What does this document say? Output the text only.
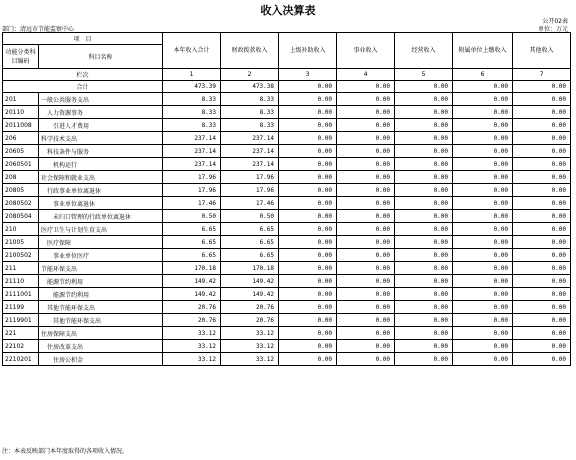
收入决算表
公开02表
部门：清远市节能监察中心	单位：万元
项　目		本年收入合计	财政拨款收入	上级补助收入	事业收入	经营收入	附属单位上缴收入	其他收入
功能分类科目编码	科目名称							
栏次		1	2	3	4	5	6	7
合计		473.39	473.38	0.00	0.00	0.00	0.00	0.00
201	一般公共服务支出	8.33	8.33	0.00	0.00	0.00	0.00	0.00
20110	　人力资源事务	8.33	8.33	0.00	0.00	0.00	0.00	0.00
2011008	　　引进人才费用	8.33	8.33	0.00	0.00	0.00	0.00	0.00
206	科学技术支出	237.14	237.14	0.00	0.00	0.00	0.00	0.00
20605	　科技条件与服务	237.14	237.14	0.00	0.00	0.00	0.00	0.00
2060501	　　机构运行	237.14	237.14	0.00	0.00	0.00	0.00	0.00
208	社会保障和就业支出	17.96	17.96	0.00	0.00	0.00	0.00	0.00
20805	　行政事业单位离退休	17.96	17.96	0.00	0.00	0.00	0.00	0.00
2080502	　　事业单位离退休	17.46	17.46	0.00	0.00	0.00	0.00	0.00
2080504	　　未归口管理的行政单位离退休	0.50	0.50	0.00	0.00	0.00	0.00	0.00
210	医疗卫生与计划生育支出	6.65	6.65	0.00	0.00	0.00	0.00	0.00
21005	　医疗保障	6.65	6.65	0.00	0.00	0.00	0.00	0.00
2100502	　　事业单位医疗	6.65	6.65	0.00	0.00	0.00	0.00	0.00
211	节能环保支出	170.18	170.18	0.00	0.00	0.00	0.00	0.00
21110	　能源节约利用	149.42	149.42	0.00	0.00	0.00	0.00	0.00
2111001	　　能源节约利用	149.42	149.42	0.00	0.00	0.00	0.00	0.00
21199	　其他节能环保支出	20.76	20.76	0.00	0.00	0.00	0.00	0.00
2119901	　　其他节能环保支出	20.76	20.76	0.00	0.00	0.00	0.00	0.00
221	住房保障支出	33.12	33.12	0.00	0.00	0.00	0.00	0.00
22102	　住房改革支出	33.12	33.12	0.00	0.00	0.00	0.00	0.00
2210201	　　住房公积金	33.12	33.12	0.00	0.00	0.00	0.00	0.00
注：本表反映部门本年度取得的各项收入情况。
